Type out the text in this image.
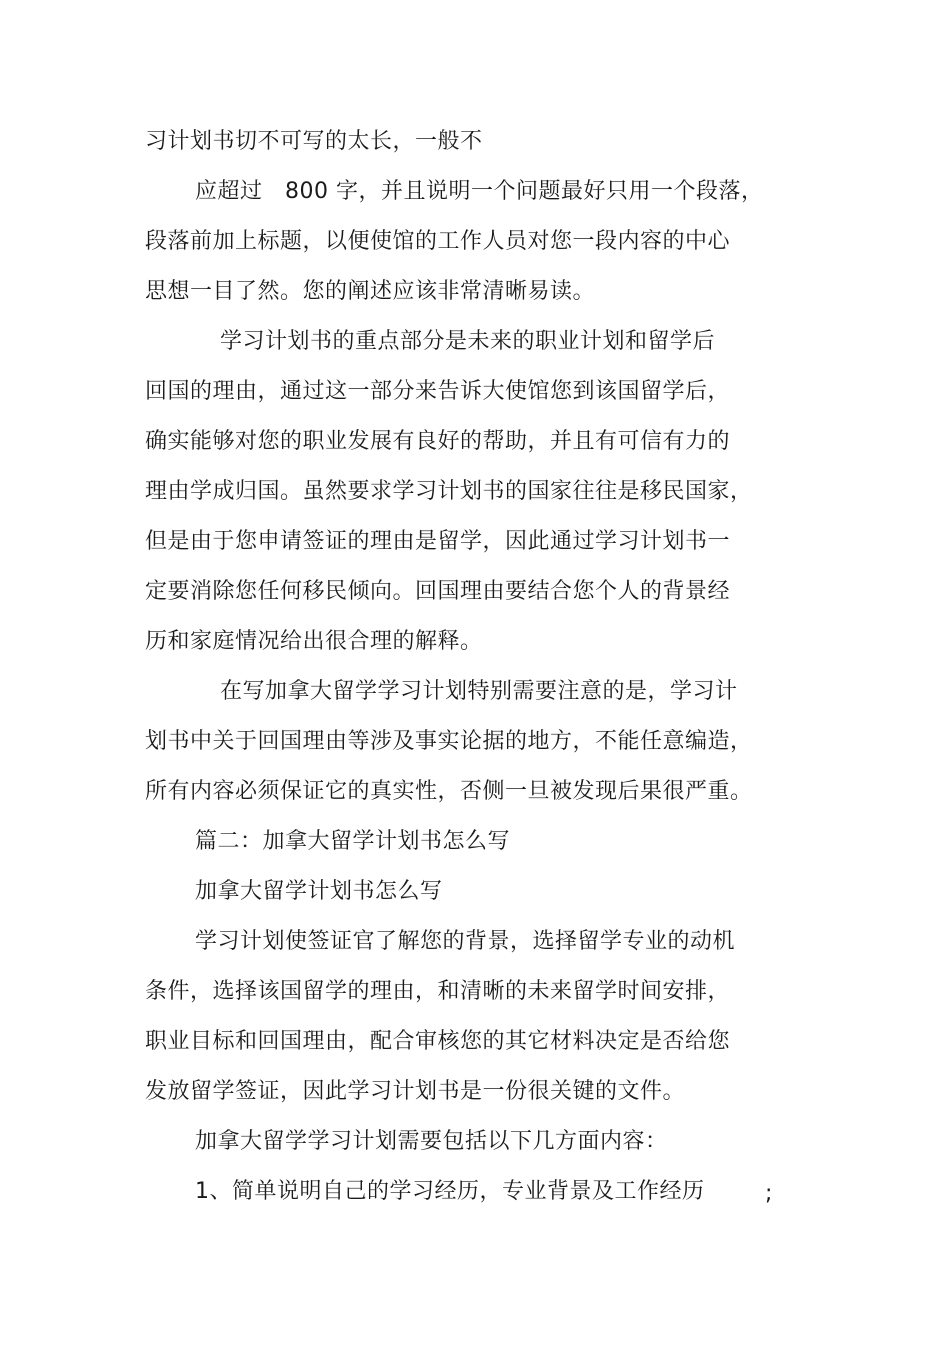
习计划书切不可写的太长，一般不
应超过　800 字，并且说明一个问题最好只用一个段落，
段落前加上标题，以便使馆的工作人员对您一段内容的中心
思想一目了然。您的阐述应该非常清晰易读。
学习计划书的重点部分是未来的职业计划和留学后
回国的理由，通过这一部分来告诉大使馆您到该国留学后，
确实能够对您的职业发展有良好的帮助，并且有可信有力的
理由学成归国。虽然要求学习计划书的国家往往是移民国家，
但是由于您申请签证的理由是留学，因此通过学习计划书一
定要消除您任何移民倾向。回国理由要结合您个人的背景经
历和家庭情况给出很合理的解释。
在写加拿大留学学习计划特别需要注意的是，学习计
划书中关于回国理由等涉及事实论据的地方，不能任意编造，
所有内容必须保证它的真实性，否侧一旦被发现后果很严重。
篇二：加拿大留学计划书怎么写
加拿大留学计划书怎么写
学习计划使签证官了解您的背景，选择留学专业的动机
条件，选择该国留学的理由，和清晰的未来留学时间安排，
职业目标和回国理由，配合审核您的其它材料决定是否给您
发放留学签证，因此学习计划书是一份很关键的文件。
加拿大留学学习计划需要包括以下几方面内容：
1、简单说明自己的学习经历，专业背景及工作经历	;
